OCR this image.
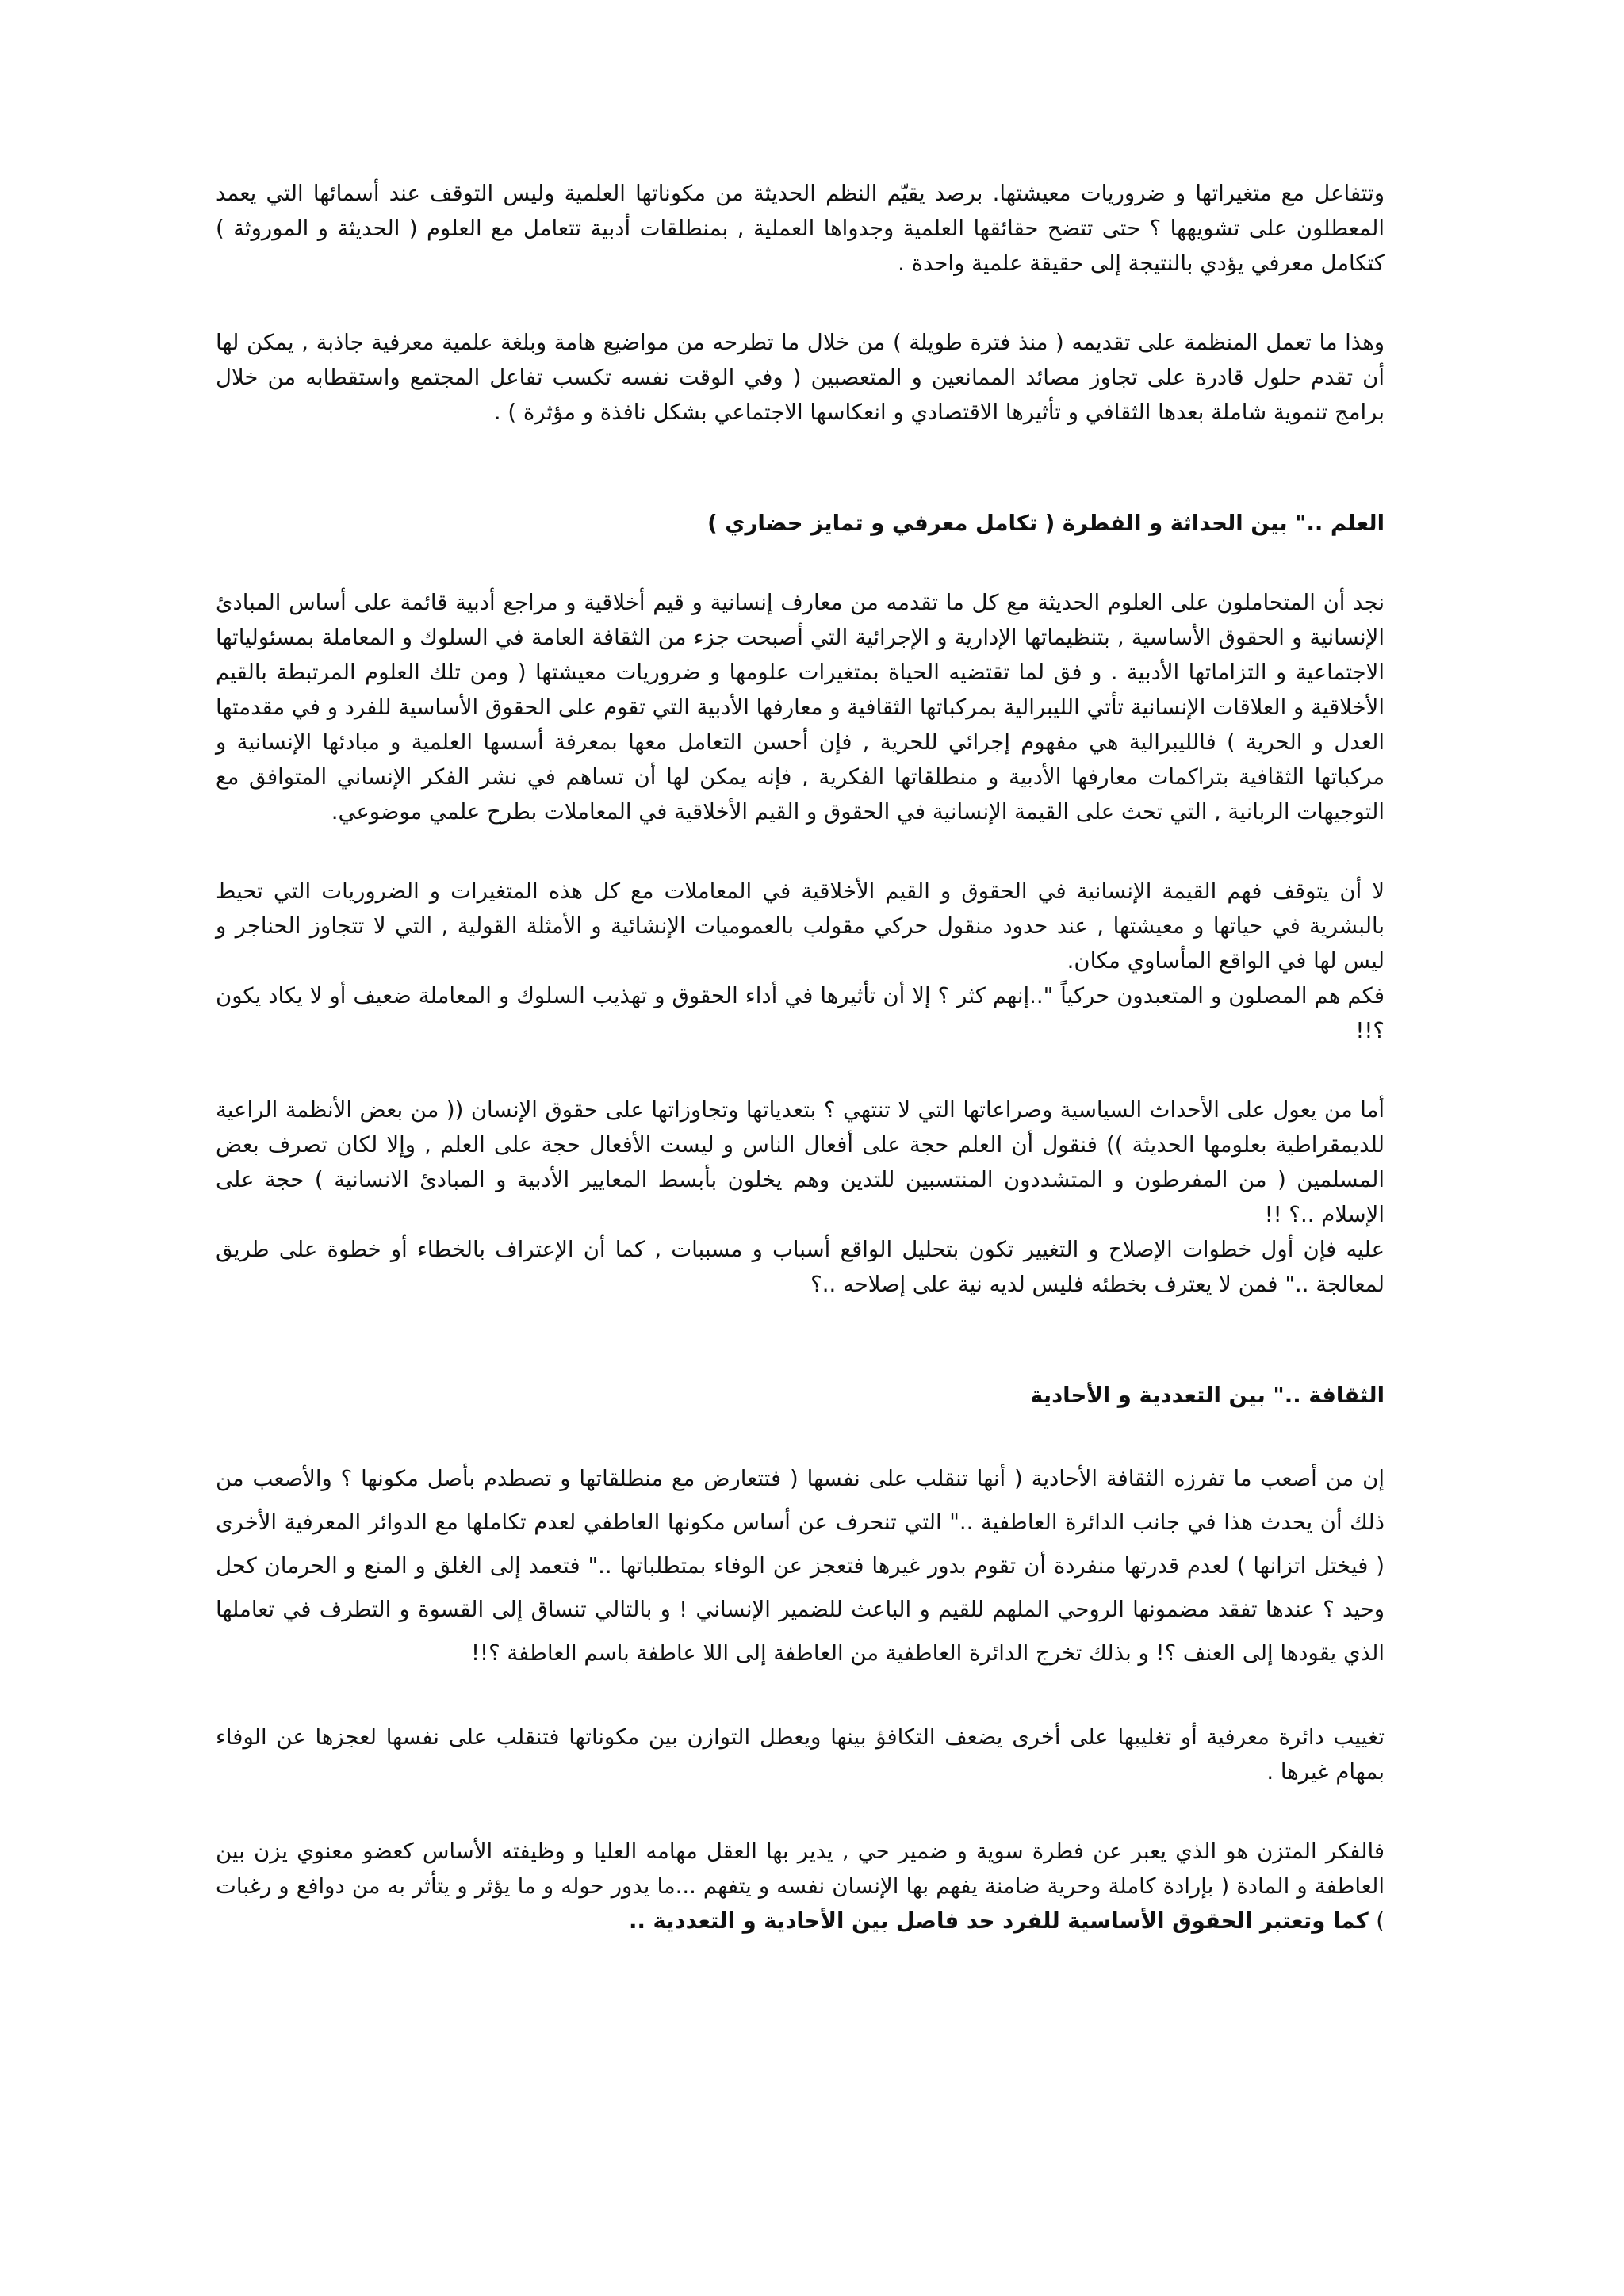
وتتفاعل مع متغيراتها و ضروريات معيشتها. برصد يقيّم النظم الحديثة من مكوناتها العلمية وليس التوقف عند أسمائها التي يعمد المعطلون على تشويهها ؟ حتى تتضح حقائقها العلمية وجدواها العملية , بمنطلقات أدبية تتعامل مع العلوم ( الحديثة و الموروثة ) كتكامل معرفي يؤدي بالنتيجة إلى حقيقة علمية واحدة .

وهذا ما تعمل المنظمة على تقديمه ( منذ فترة طويلة ) من خلال ما تطرحه من مواضيع هامة وبلغة علمية معرفية جاذبة , يمكن لها أن تقدم حلول قادرة على تجاوز مصائد الممانعين و المتعصبين ( وفي الوقت نفسه تكسب تفاعل المجتمع واستقطابه من خلال برامج تنموية شاملة بعدها الثقافي و تأثيرها الاقتصادي و انعكاسها الاجتماعي بشكل نافذة و مؤثرة ) .

العلم .." بين الحداثة و الفطرة ( تكامل معرفي و تمايز حضاري )

نجد أن المتحاملون على العلوم الحديثة مع كل ما تقدمه من معارف إنسانية و قيم أخلاقية و مراجع أدبية قائمة على أساس المبادئ الإنسانية و الحقوق الأساسية , بتنظيماتها الإدارية و الإجرائية التي أصبحت جزء من الثقافة العامة في السلوك و المعاملة بمسئولياتها الاجتماعية و التزاماتها الأدبية . و فق لما تقتضيه الحياة بمتغيرات علومها و ضروريات معيشتها ( ومن تلك العلوم المرتبطة بالقيم الأخلاقية و العلاقات الإنسانية تأتي الليبرالية بمركباتها الثقافية و معارفها الأدبية التي تقوم على الحقوق الأساسية للفرد و في مقدمتها العدل و الحرية ) فالليبرالية هي مفهوم إجرائي للحرية , فإن أحسن التعامل معها بمعرفة أسسها العلمية و مبادئها الإنسانية و مركباتها الثقافية بتراكمات معارفها الأدبية و منطلقاتها الفكرية , فإنه يمكن لها أن تساهم في نشر الفكر الإنساني المتوافق مع التوجيهات الربانية , التي تحث على القيمة الإنسانية في الحقوق و القيم الأخلاقية في المعاملات بطرح علمي موضوعي.

لا أن يتوقف فهم القيمة الإنسانية في الحقوق و القيم الأخلاقية في المعاملات مع كل هذه المتغيرات و الضروريات التي تحيط بالبشرية في حياتها و معيشتها , عند حدود منقول حركي مقولب بالعموميات الإنشائية و الأمثلة القولية , التي لا تتجاوز الحناجر و ليس لها في الواقع المأساوي مكان.

فكم هم المصلون و المتعبدون حركياً "..إنهم كثر ؟ إلا أن تأثيرها في أداء الحقوق و تهذيب السلوك و المعاملة ضعيف أو لا يكاد يكون ؟!!

أما من يعول على الأحداث السياسية وصراعاتها التي لا تنتهي ؟ بتعدياتها وتجاوزاتها على حقوق الإنسان (( من بعض الأنظمة الراعية للديمقراطية بعلومها الحديثة )) فنقول أن العلم حجة على أفعال الناس و ليست الأفعال حجة على العلم , وإلا لكان تصرف بعض المسلمين ( من المفرطون و المتشددون المنتسبين للتدين وهم يخلون بأبسط المعايير الأدبية و المبادئ الانسانية ) حجة على الإسلام ..؟ !!

عليه فإن أول خطوات الإصلاح و التغيير تكون بتحليل الواقع أسباب و مسببات , كما أن الإعتراف بالخطاء أو خطوة على طريق لمعالجة .." فمن لا يعترف بخطئه فليس لديه نية على إصلاحه ..؟

الثقافة .." بين التعددية و الأحادية

إن من أصعب ما تفرزه الثقافة الأحادية ( أنها تنقلب على نفسها ( فتتعارض مع منطلقاتها و تصطدم بأصل مكونها ؟ والأصعب من ذلك أن يحدث هذا في جانب الدائرة العاطفية .." التي تنحرف عن أساس مكونها العاطفي لعدم تكاملها مع الدوائر المعرفية الأخرى ( فيختل اتزانها ) لعدم قدرتها منفردة أن تقوم بدور غيرها فتعجز عن الوفاء بمتطلباتها .." فتعمد إلى الغلق و المنع و الحرمان كحل وحيد ؟ عندها تفقد مضمونها الروحي الملهم للقيم و الباعث للضمير الإنساني ! و بالتالي تنساق إلى القسوة و التطرف في تعاملها الذي يقودها إلى العنف ؟! و بذلك تخرج الدائرة العاطفية من العاطفة إلى اللا عاطفة باسم العاطفة ؟!!

تغييب دائرة معرفية أو تغليبها على أخرى يضعف التكافؤ بينها ويعطل التوازن بين مكوناتها فتنقلب على نفسها لعجزها عن الوفاء بمهام غيرها .

فالفكر المتزن هو الذي يعبر عن فطرة سوية و ضمير حي , يدير بها العقل مهامه العليا و وظيفته الأساس كعضو معنوي يزن بين العاطفة و المادة ( بإرادة كاملة وحرية ضامنة يفهم بها الإنسان نفسه و يتفهم ...ما يدور حوله و ما يؤثر و يتأثر به من دوافع و رغبات ) كما وتعتبر الحقوق الأساسية للفرد حد فاصل بين الأحادية و التعددية ..
